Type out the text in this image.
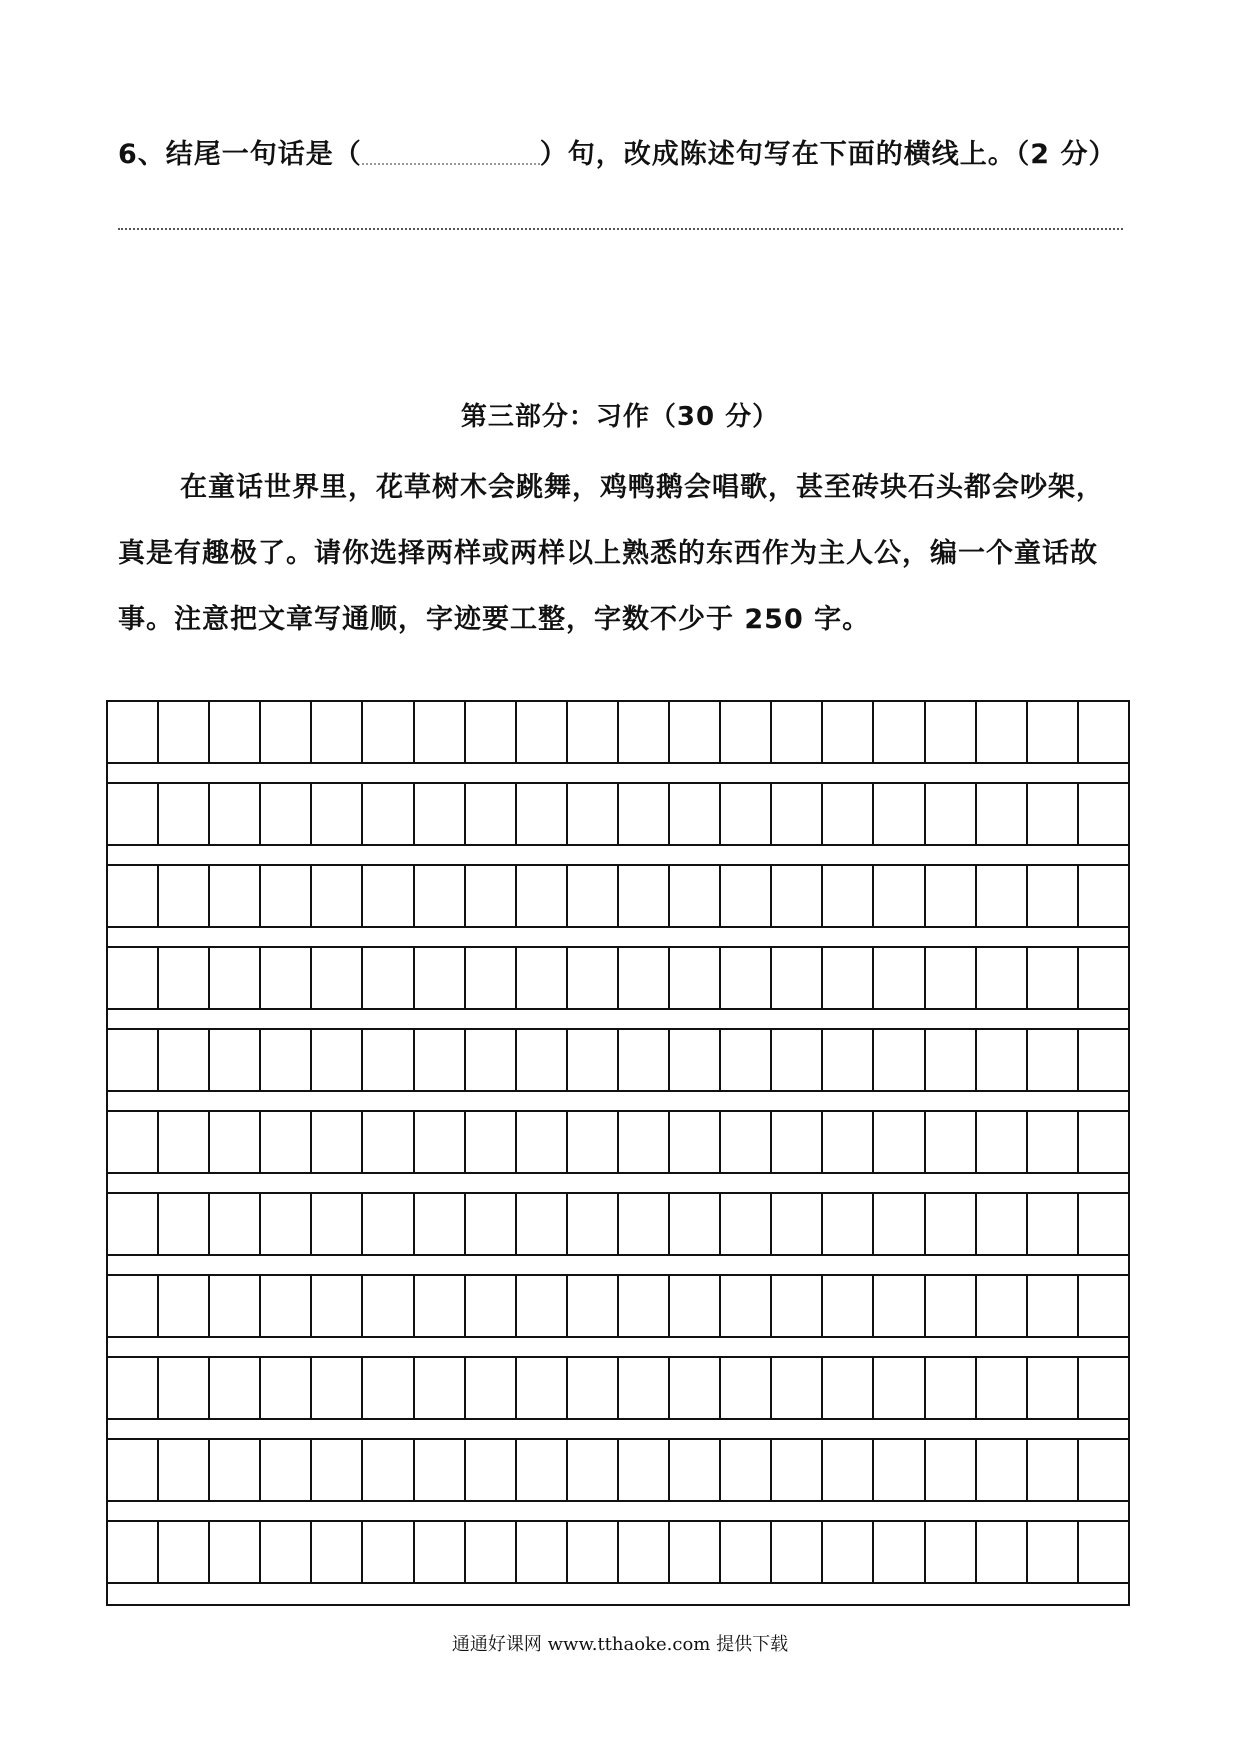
6、结尾一句话是（	）句，改成陈述句写在下面的横线上。（2 分）
第三部分：习作（30 分）

在童话世界里，花草树木会跳舞，鸡鸭鹅会唱歌，甚至砖块石头都会吵架，真是有趣极了。请你选择两样或两样以上熟悉的东西作为主人公，编一个童话故事。注意把文章写通顺，字迹要工整，字数不少于 250 字。

通通好课网 www.tthaoke.com 提供下载
